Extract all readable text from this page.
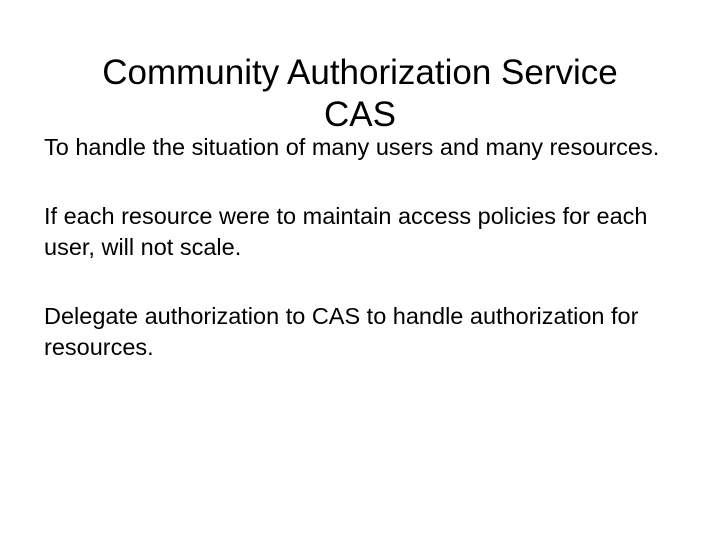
Community Authorization Service
CAS

To handle the situation of many users and many resources.

If each resource were to maintain access policies for each user, will not scale.

Delegate authorization to CAS to handle authorization for resources.
